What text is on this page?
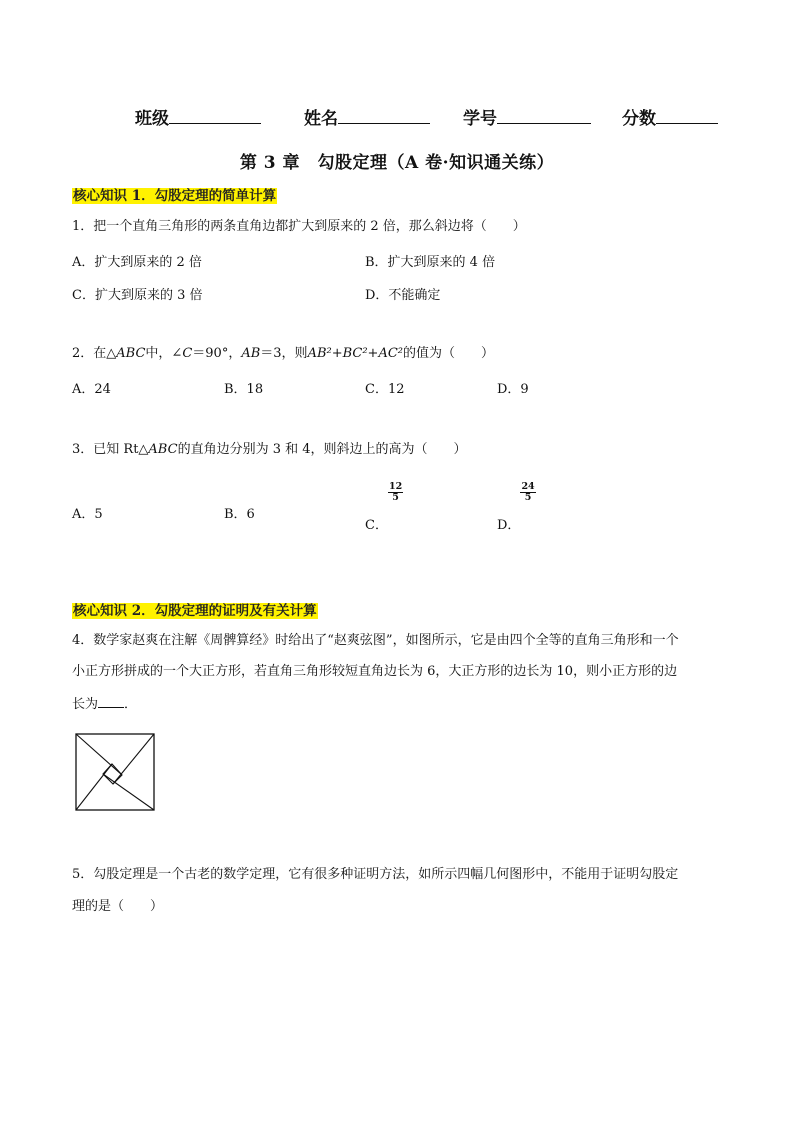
班级	姓名	学号	分数
第 3 章　勾股定理（A 卷·知识通关练）
核心知识 1．勾股定理的简单计算
1．把一个直角三角形的两条直角边都扩大到原来的 2 倍，那么斜边将（　　）
A．扩大到原来的 2 倍	B．扩大到原来的 4 倍
C．扩大到原来的 3 倍	D．不能确定
2．在△ABC中，∠C＝90°，AB＝3，则AB²+BC²+AC²的值为（　　）
A．24	B．18	C．12	D．9
3．已知 Rt△ABC的直角边分别为 3 和 4，则斜边上的高为（　　）
A．5	B．6
C．
$\frac{12}{5}$
D．
$\frac{24}{5}$
核心知识 2．勾股定理的证明及有关计算
4．数学家赵爽在注解《周髀算经》时给出了“赵爽弦图”，如图所示，它是由四个全等的直角三角形和一个
小正方形拼成的一个大正方形，若直角三角形较短直角边长为 6，大正方形的边长为 10，则小正方形的边
长为 ．
5．勾股定理是一个古老的数学定理，它有很多种证明方法，如所示四幅几何图形中，不能用于证明勾股定
理的是（　　）
